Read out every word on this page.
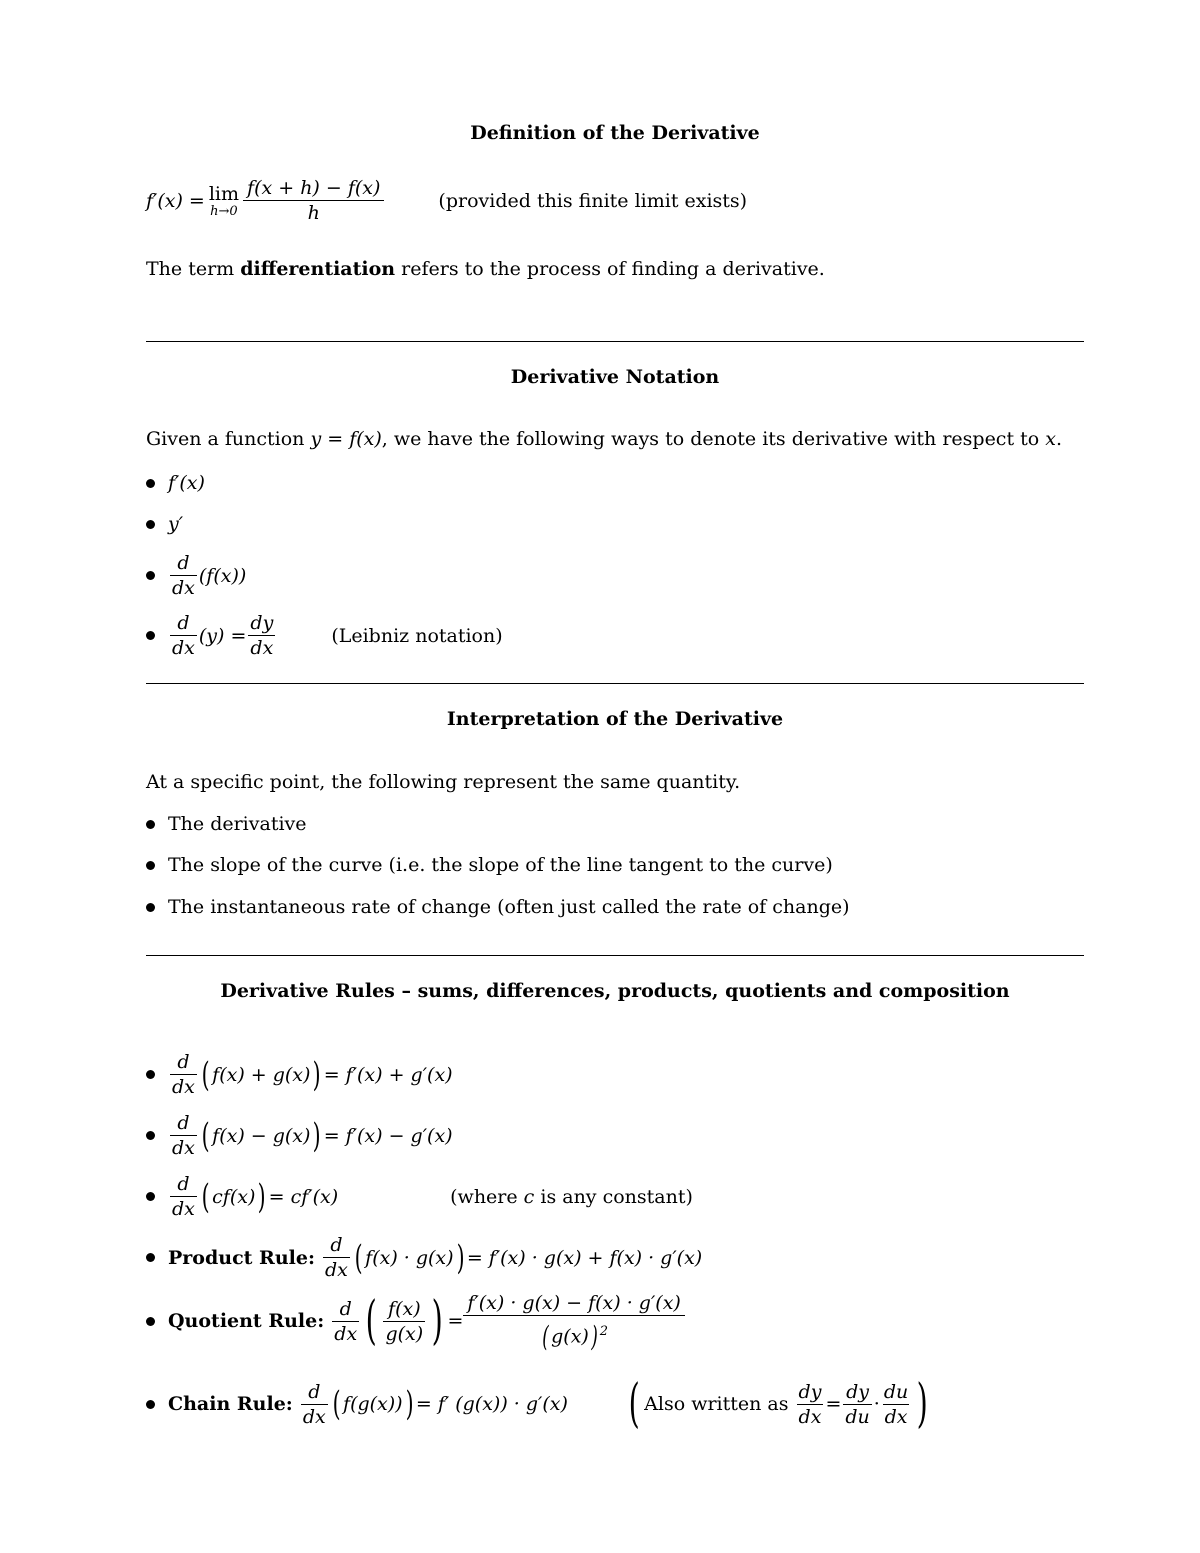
Definition of the Derivative
f′(x) = lim
$h\to 0 \frac{f(x + h) - f(x)}{h}$	(provided this finite limit exists)
The term differentiation refers to the process of finding a derivative.
Derivative Notation
Given a function y = f(x), we have the following ways to denote its derivative with respect to x.
f′(x)
y′
$\frac{d}{dx} (f(x))$
$\frac{d}{dx} (y) = \frac{dy}{dx}$	(Leibniz notation)
Interpretation of the Derivative
At a specific point, the following represent the same quantity.
The derivative
The slope of the curve (i.e. the slope of the line tangent to the curve)
The instantaneous rate of change (often just called the rate of change)
Derivative Rules – sums, differences, products, quotients and composition
$\frac{d}{dx}$ ( f(x) + g(x) ) = f′(x) + g′(x)
$\frac{d}{dx}$ ( f(x) − g(x) ) = f′(x) − g′(x)
$\frac{d}{dx}$ ( cf(x) ) = cf′(x)	(where
c
is any constant)
Product Rule:
$\frac{d}{dx}$ ( f(x) · g(x) ) = f′(x) · g(x) + f(x) · g′(x)
Quotient Rule:
$\frac{d}{dx}$ ( $\frac{f(x)}{g(x)}$ ) = $\frac{f'(x) \cdot g(x) - f(x) \cdot g'(x)}{( g(x)) ^2}$
Chain Rule:
$\frac{d}{dx}$ ( f(g(x)) ) = f′ (g(x)) · g′(x) ( Also written as
$\frac{dy}{dx} = \frac{dy}{du} \cdot \frac{du}{dx}$ )
